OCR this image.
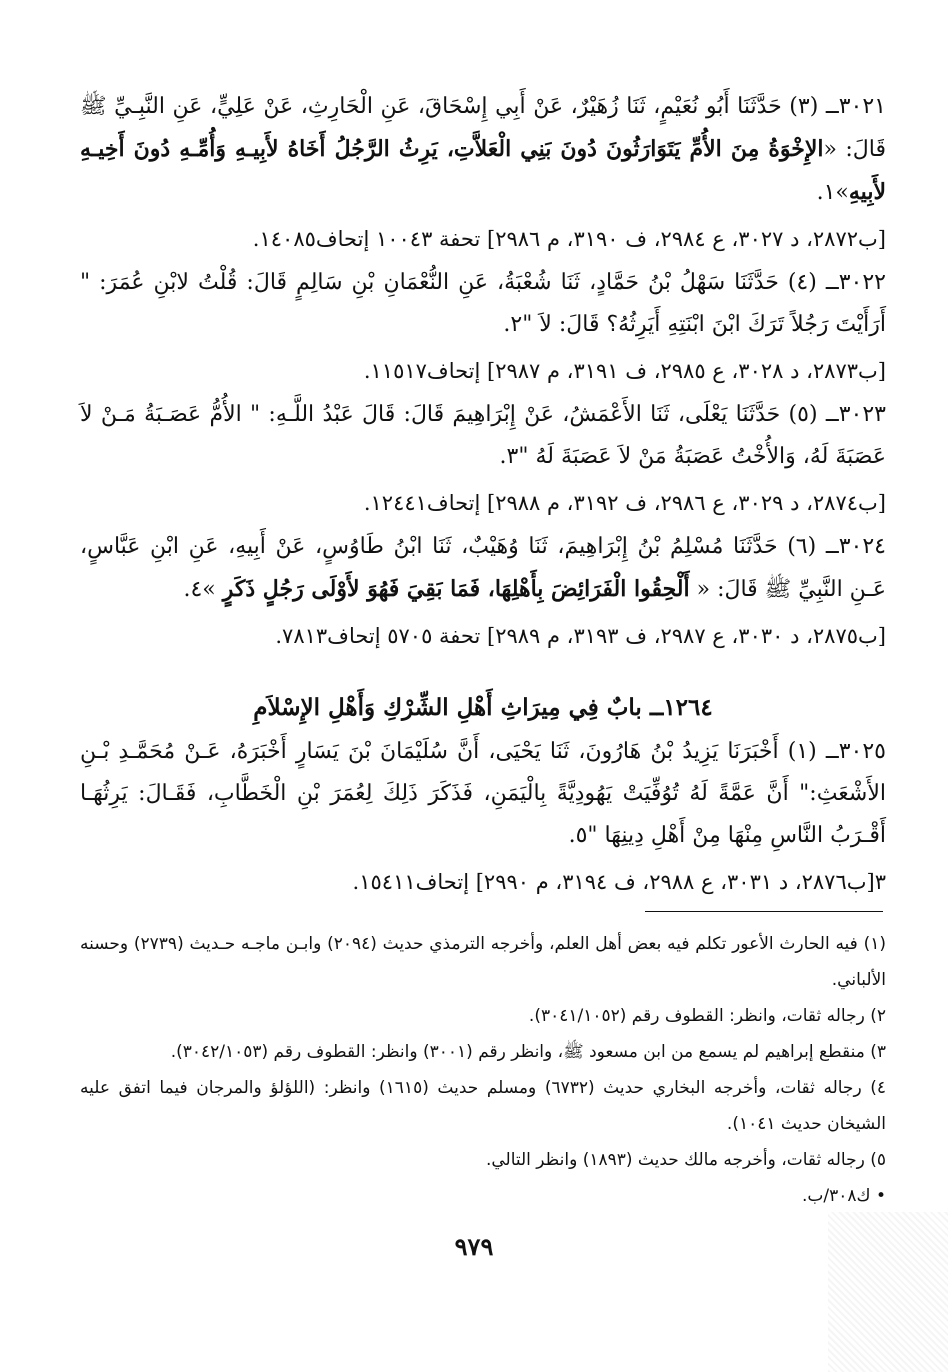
٣٠٢١ــ (٣) حَدَّثَنَا أَبُو نُعَيْمٍ، ثَنَا زُهَيْرٌ، عَنْ أَبِي إِسْحَاقَ، عَنِ الْحَارِثِ، عَنْ عَلِيٍّ، عَنِ النَّبِـيِّ ﷺ قَالَ: «الإِخْوَةُ مِنَ الأُمِّ يَتَوَارَثُونَ دُونَ بَنِي الْعَلاَّتِ، يَرِثُ الرَّجُلُ أَخَاهُ لأَبِيـهِ وَأُمِّـهِ دُونَ أَخِيـهِ لأَبِيهِ»١.

[ب٢٨٧٢، د ٣٠٢٧، ع ٢٩٨٤، ف ٣١٩٠، م ٢٩٨٦] تحفة ١٠٠٤٣ إتحاف١٤٠٨٥.

٣٠٢٢ــ (٤) حَدَّثَنَا سَهْلُ بْنُ حَمَّادٍ، ثَنَا شُعْبَةُ، عَنِ النُّعْمَانِ بْنِ سَالِمٍ قَالَ: قُلْتُ لابْنِ عُمَرَ: " أَرَأَيْتَ رَجُلاً تَرَكَ ابْنَ ابْنَتِهِ أَيَرِثُهُ؟ قَالَ: لاَ "٢.

[ب٢٨٧٣، د ٣٠٢٨، ع ٢٩٨٥، ف ٣١٩١، م ٢٩٨٧] إتحاف١١٥١٧.

٣٠٢٣ــ (٥) حَدَّثَنَا يَعْلَى، ثَنَا الأَعْمَشُ، عَنْ إِبْرَاهِيمَ قَالَ: قَالَ عَبْدُ اللَّـهِ: " الأُمُّ عَصَـبَةُ مَـنْ لاَ عَصَبَةَ لَهُ، وَالأُخْتُ عَصَبَةُ مَنْ لاَ عَصَبَةَ لَهُ "٣.

[ب٢٨٧٤، د ٣٠٢٩، ع ٢٩٨٦، ف ٣١٩٢، م ٢٩٨٨] إتحاف١٢٤٤١.

٣٠٢٤ــ (٦) حَدَّثَنَا مُسْلِمُ بْنُ إِبْرَاهِيمَ، ثَنَا وُهَيْبٌ، ثَنَا ابْنُ طَاوُسٍ، عَنْ أَبِيهِ، عَنِ ابْنِ عَبَّاسٍ، عَـنِ النَّبِيِّ ﷺ قَالَ: « أَلْحِقُوا الْفَرَائِضَ بِأَهْلِهَا، فَمَا بَقِيَ فَهُوَ لأَوْلَى رَجُلٍ ذَكَرٍ »٤.

[ب٢٨٧٥، د ٣٠٣٠، ع ٢٩٨٧، ف ٣١٩٣، م ٢٩٨٩] تحفة ٥٧٠٥ إتحاف٧٨١٣.

١٢٦٤ــ بابٌ فِي مِيرَاثِ أَهْلِ الشِّرْكِ وَأَهْلِ الإِسْلاَمِ

٣٠٢٥ــ (١) أَخْبَرَنَا يَزِيدُ بْنُ هَارُونَ، ثَنَا يَحْيَى، أَنَّ سُلَيْمَانَ بْنَ يَسَارٍ أَخْبَرَهُ، عَـنْ مُحَمَّـدِ بْـنِ الأَشْعَثِ:" أَنَّ عَمَّةً لَهُ تُوُفِّيَتْ يَهُودِيَّةً بِالْيَمَنِ، فَذَكَرَ ذَلِكَ لِعُمَرَ بْنِ الْخَطَّابِ، فَقَـالَ: يَرِثُهَـا أَقْـرَبُ النَّاسِ مِنْهَا مِنْ أَهْلِ دِينِهَا "٥.

٣[ب٢٨٧٦، د ٣٠٣١، ع ٢٩٨٨، ف ٣١٩٤، م ٢٩٩٠] إتحاف١٥٤١١.

(١) فيه الحارث الأعور تكلم فيه بعض أهل العلم، وأخرجه الترمذي حديث (٢٠٩٤) وابـن ماجـه حـديث (٢٧٣٩) وحسنه الألباني.

٢) رجاله ثقات، وانظر: القطوف رقم (٣٠٤١/١٠٥٢).

٣) منقطع إبراهيم لم يسمع من ابن مسعود ﷺ، وانظر رقم (٣٠٠١) وانظر: القطوف رقم (٣٠٤٢/١٠٥٣).

٤) رجاله ثقات، وأخرجه البخاري حديث (٦٧٣٢) ومسلم حديث (١٦١٥) وانظر: (اللؤلؤ والمرجان فيما اتفق عليه الشيخان حديث ١٠٤١).

٥) رجاله ثقات، وأخرجه مالك حديث (١٨٩٣) وانظر التالي.

• ك٣٠٨/ب.

٩٧٩
